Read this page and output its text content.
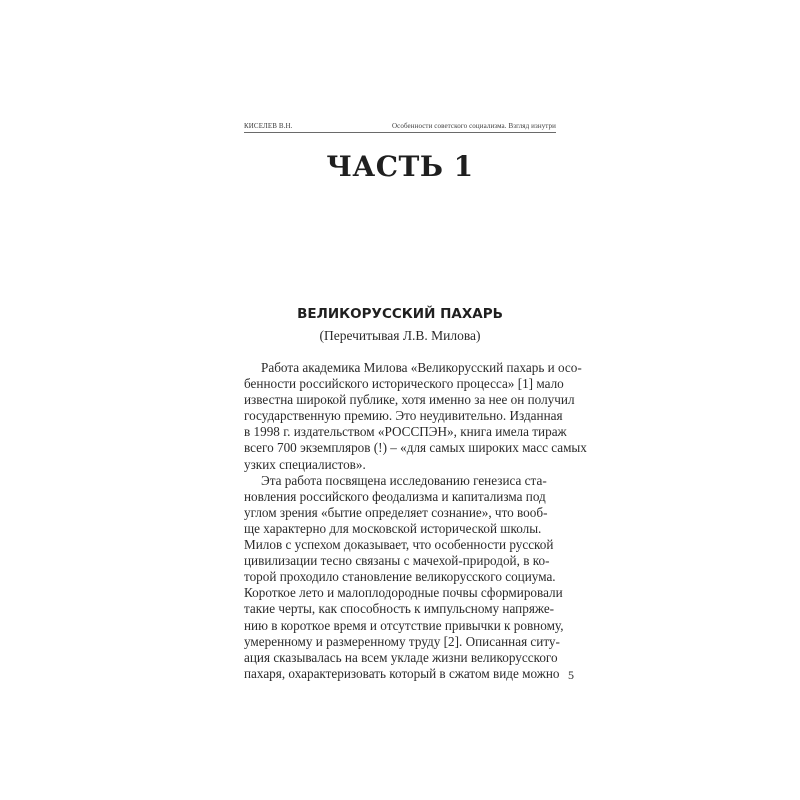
КИСЕЛЕВ В.Н.	Особенности советского социализма. Взгляд изнутри
ЧАСТЬ 1
ВЕЛИКОРУССКИЙ ПАХАРЬ
(Перечитывая Л.В. Милова)
Работа академика Милова «Великорусский пахарь и осо-
бенности российского исторического процесса» [1] мало
известна широкой публике, хотя именно за нее он получил
государственную премию. Это неудивительно. Изданная
в 1998 г. издательством «РОССПЭН», книга имела тираж
всего 700 экземпляров (!) – «для самых широких масс самых
узких специалистов».
Эта работа посвящена исследованию генезиса ста-
новления российского феодализма и капитализма под
углом зрения «бытие определяет сознание», что вооб-
ще характерно для московской исторической школы.
Милов с успехом доказывает, что особенности русской
цивилизации тесно связаны с мачехой-природой, в ко-
торой проходило становление великорусского социума.
Короткое лето и малоплодородные почвы сформировали
такие черты, как способность к импульсному напряже-
нию в короткое время и отсутствие привычки к ровному,
умеренному и размеренному труду [2]. Описанная ситу-
ация сказывалась на всем укладе жизни великорусского
пахаря, охарактеризовать который в сжатом виде можно 5
